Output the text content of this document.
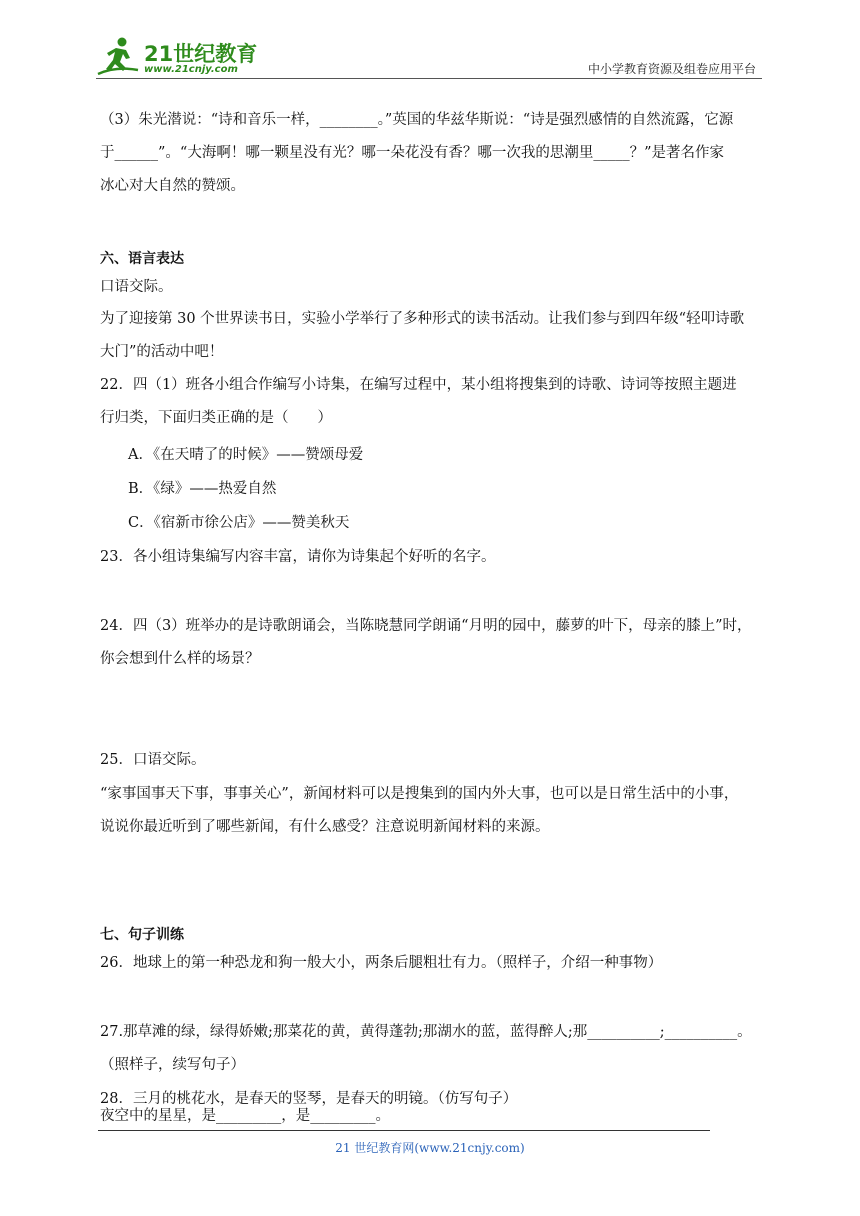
21世纪教育
www.21cnjy.com	中小学教育资源及组卷应用平台
（3）朱光潜说：“诗和音乐一样，________。”英国的华兹华斯说：“诗是强烈感情的自然流露，它源
于______”。“大海啊！哪一颗星没有光？哪一朵花没有香？哪一次我的思潮里_____？”是著名作家
冰心对大自然的赞颂。
六、语言表达
口语交际。
为了迎接第 30 个世界读书日，实验小学举行了多种形式的读书活动。让我们参与到四年级“轻叩诗歌
大门”的活动中吧！
22．四（1）班各小组合作编写小诗集，在编写过程中，某小组将搜集到的诗歌、诗词等按照主题进
行归类，下面归类正确的是（　　）
A．《在天晴了的时候》——赞颂母爱
B．《绿》——热爱自然
C．《宿新市徐公店》——赞美秋天
23．各小组诗集编写内容丰富，请你为诗集起个好听的名字。
24．四（3）班举办的是诗歌朗诵会，当陈晓慧同学朗诵“月明的园中，藤萝的叶下，母亲的膝上”时，
你会想到什么样的场景？
25．口语交际。
“家事国事天下事，事事关心”，新闻材料可以是搜集到的国内外大事，也可以是日常生活中的小事，
说说你最近听到了哪些新闻，有什么感受？注意说明新闻材料的来源。
七、句子训练
26．地球上的第一种恐龙和狗一般大小，两条后腿粗壮有力。（照样子，介绍一种事物）
27.那草滩的绿，绿得娇嫩;那菜花的黄，黄得蓬勃;那湖水的蓝，蓝得醉人;那__________;__________。
（照样子，续写句子）
28．三月的桃花水，是春天的竖琴，是春天的明镜。（仿写句子）
夜空中的星星，是_________，是_________。
21 世纪教育网(www.21cnjy.com)
